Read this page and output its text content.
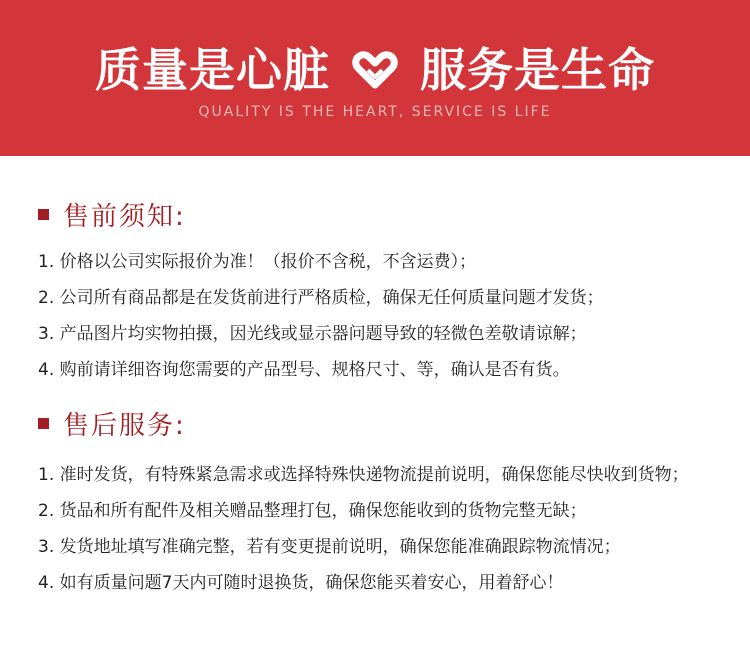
质量是心脏 服务是生命
QUALITY IS THE HEART, SERVICE IS LIFE
售前须知:
1. 价格以公司实际报价为准！（报价不含税，不含运费）；
2. 公司所有商品都是在发货前进行严格质检，确保无任何质量问题才发货；
3. 产品图片均实物拍摄，因光线或显示器问题导致的轻微色差敬请谅解；
4. 购前请详细咨询您需要的产品型号、规格尺寸、等，确认是否有货。
售后服务:
1. 准时发货，有特殊紧急需求或选择特殊快递物流提前说明，确保您能尽快收到货物；
2. 货品和所有配件及相关赠品整理打包，确保您能收到的货物完整无缺；
3. 发货地址填写准确完整，若有变更提前说明，确保您能准确跟踪物流情况；
4. 如有质量问题7天内可随时退换货，确保您能买着安心，用着舒心！
